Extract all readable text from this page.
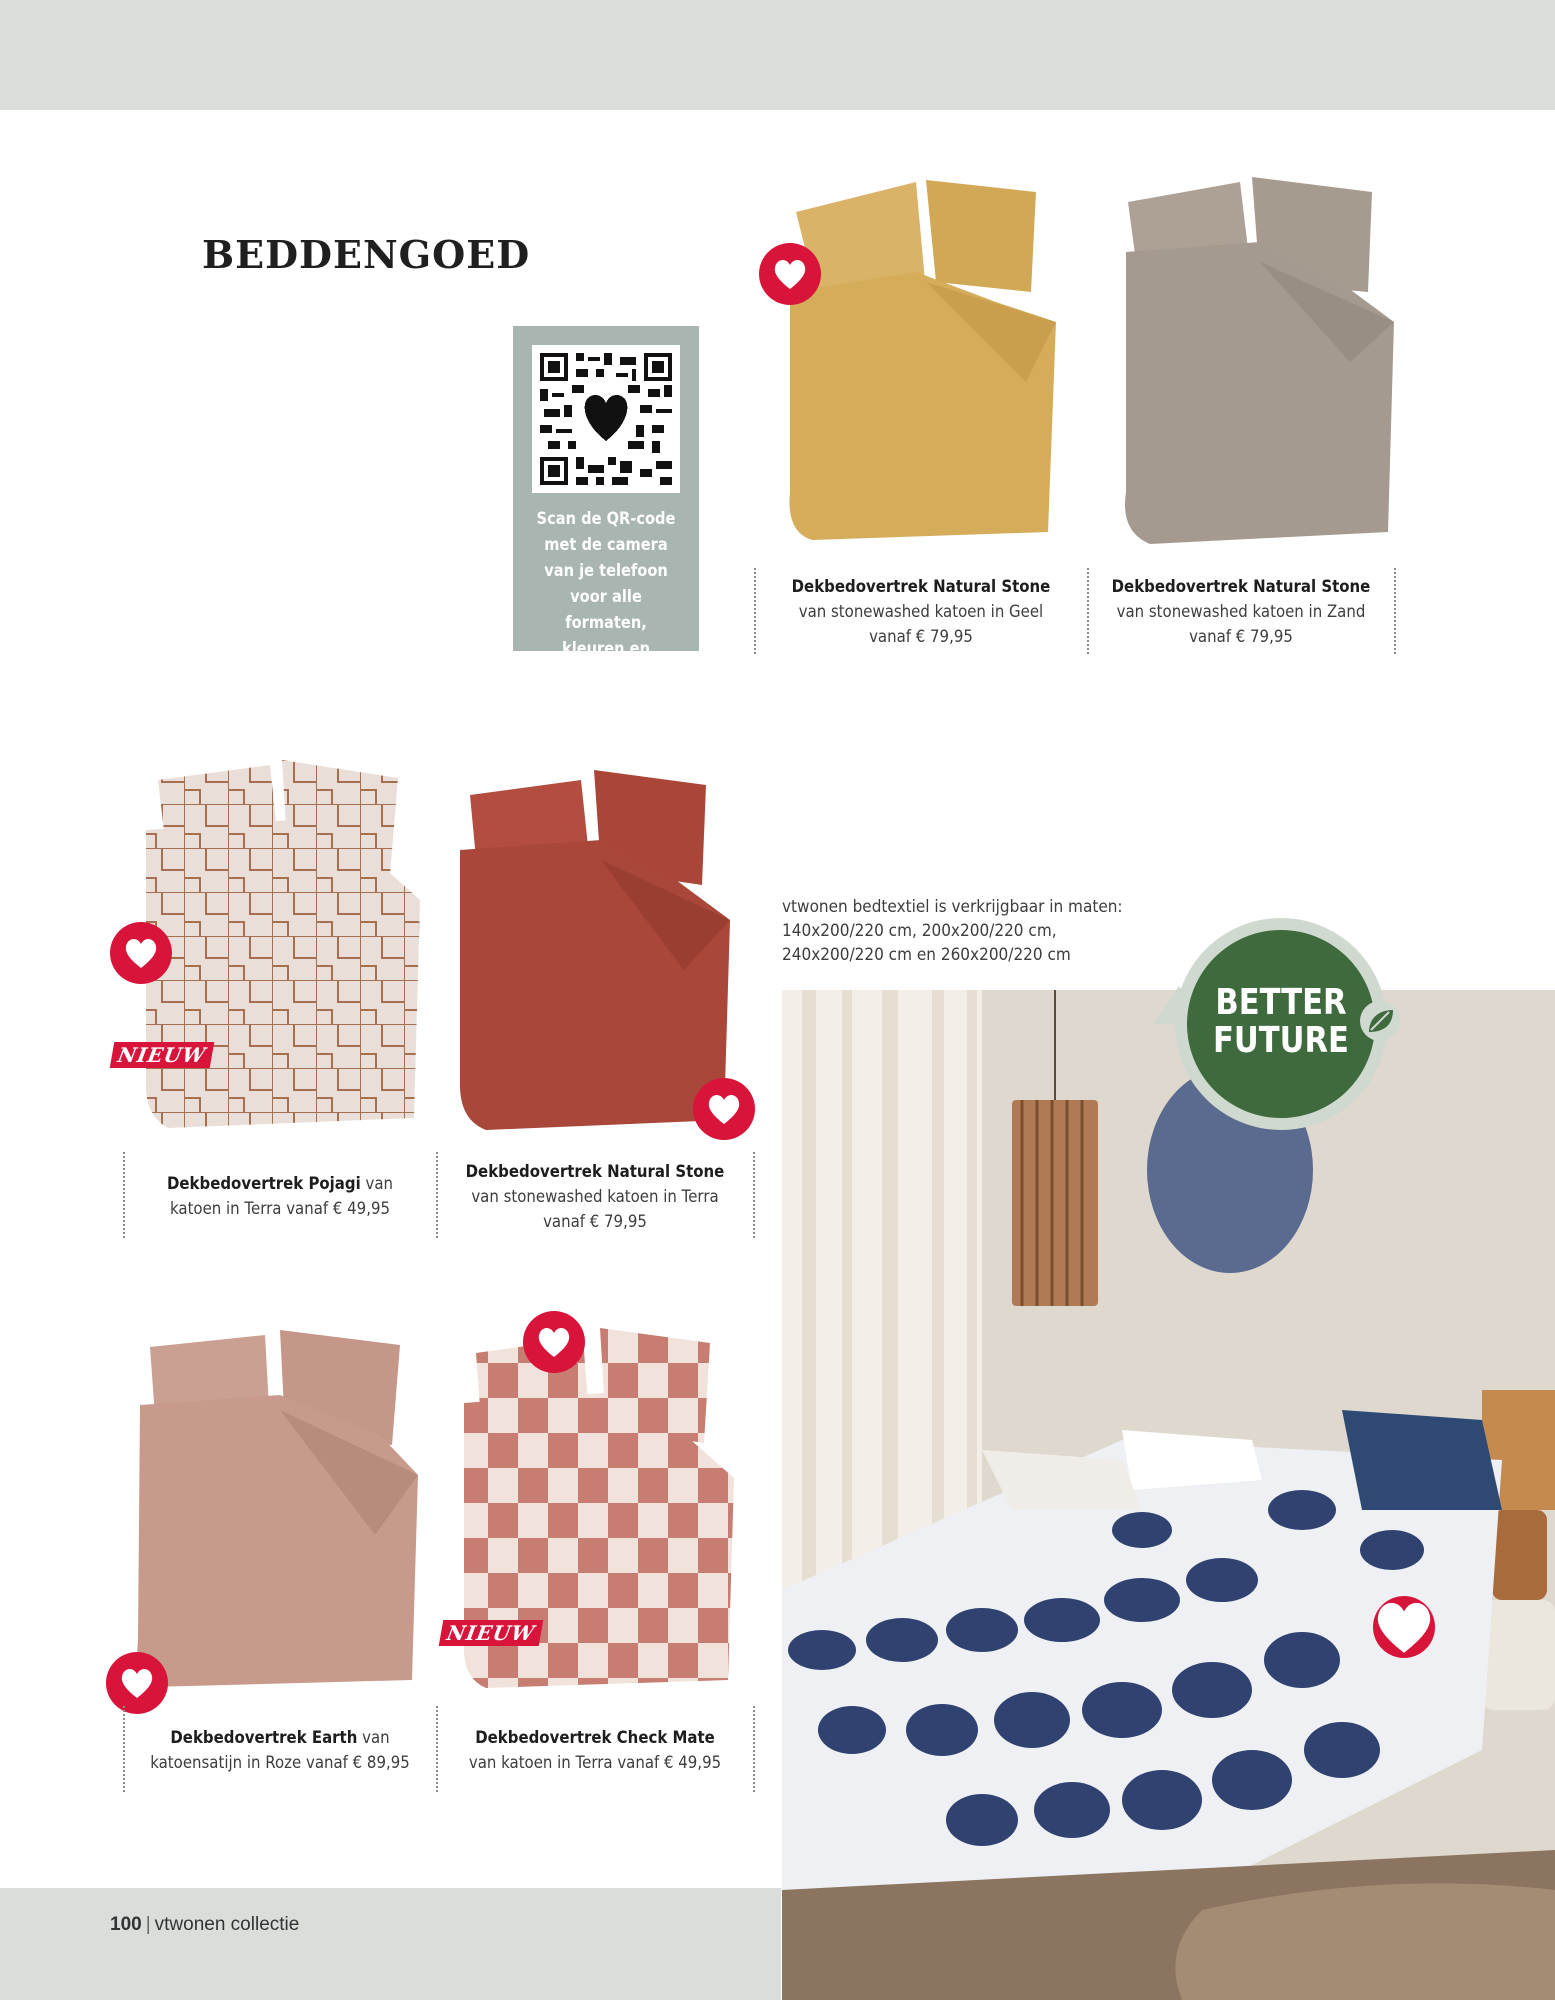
BEDDENGOED
Scan de QR-code met de camera van je telefoon voor alle formaten, kleuren en prijzen
NIEUW
NIEUW
Dekbedovertrek Natural Stone
van stonewashed katoen in Geel
vanaf € 79,95
Dekbedovertrek Natural Stone
van stonewashed katoen in Zand
vanaf € 79,95
Dekbedovertrek Pojagi van katoen in Terra vanaf € 49,95
Dekbedovertrek Natural Stone
van stonewashed katoen in Terra
vanaf € 79,95
Dekbedovertrek Earth van katoensatijn in Roze vanaf € 89,95
Dekbedovertrek Check Mate van katoen in Terra vanaf € 49,95
vtwonen bedtextiel is verkrijgbaar in maten:
140x200/220 cm, 200x200/220 cm,
240x200/220 cm en 260x200/220 cm
BETTER
FUTURE
100 | vtwonen collectie
